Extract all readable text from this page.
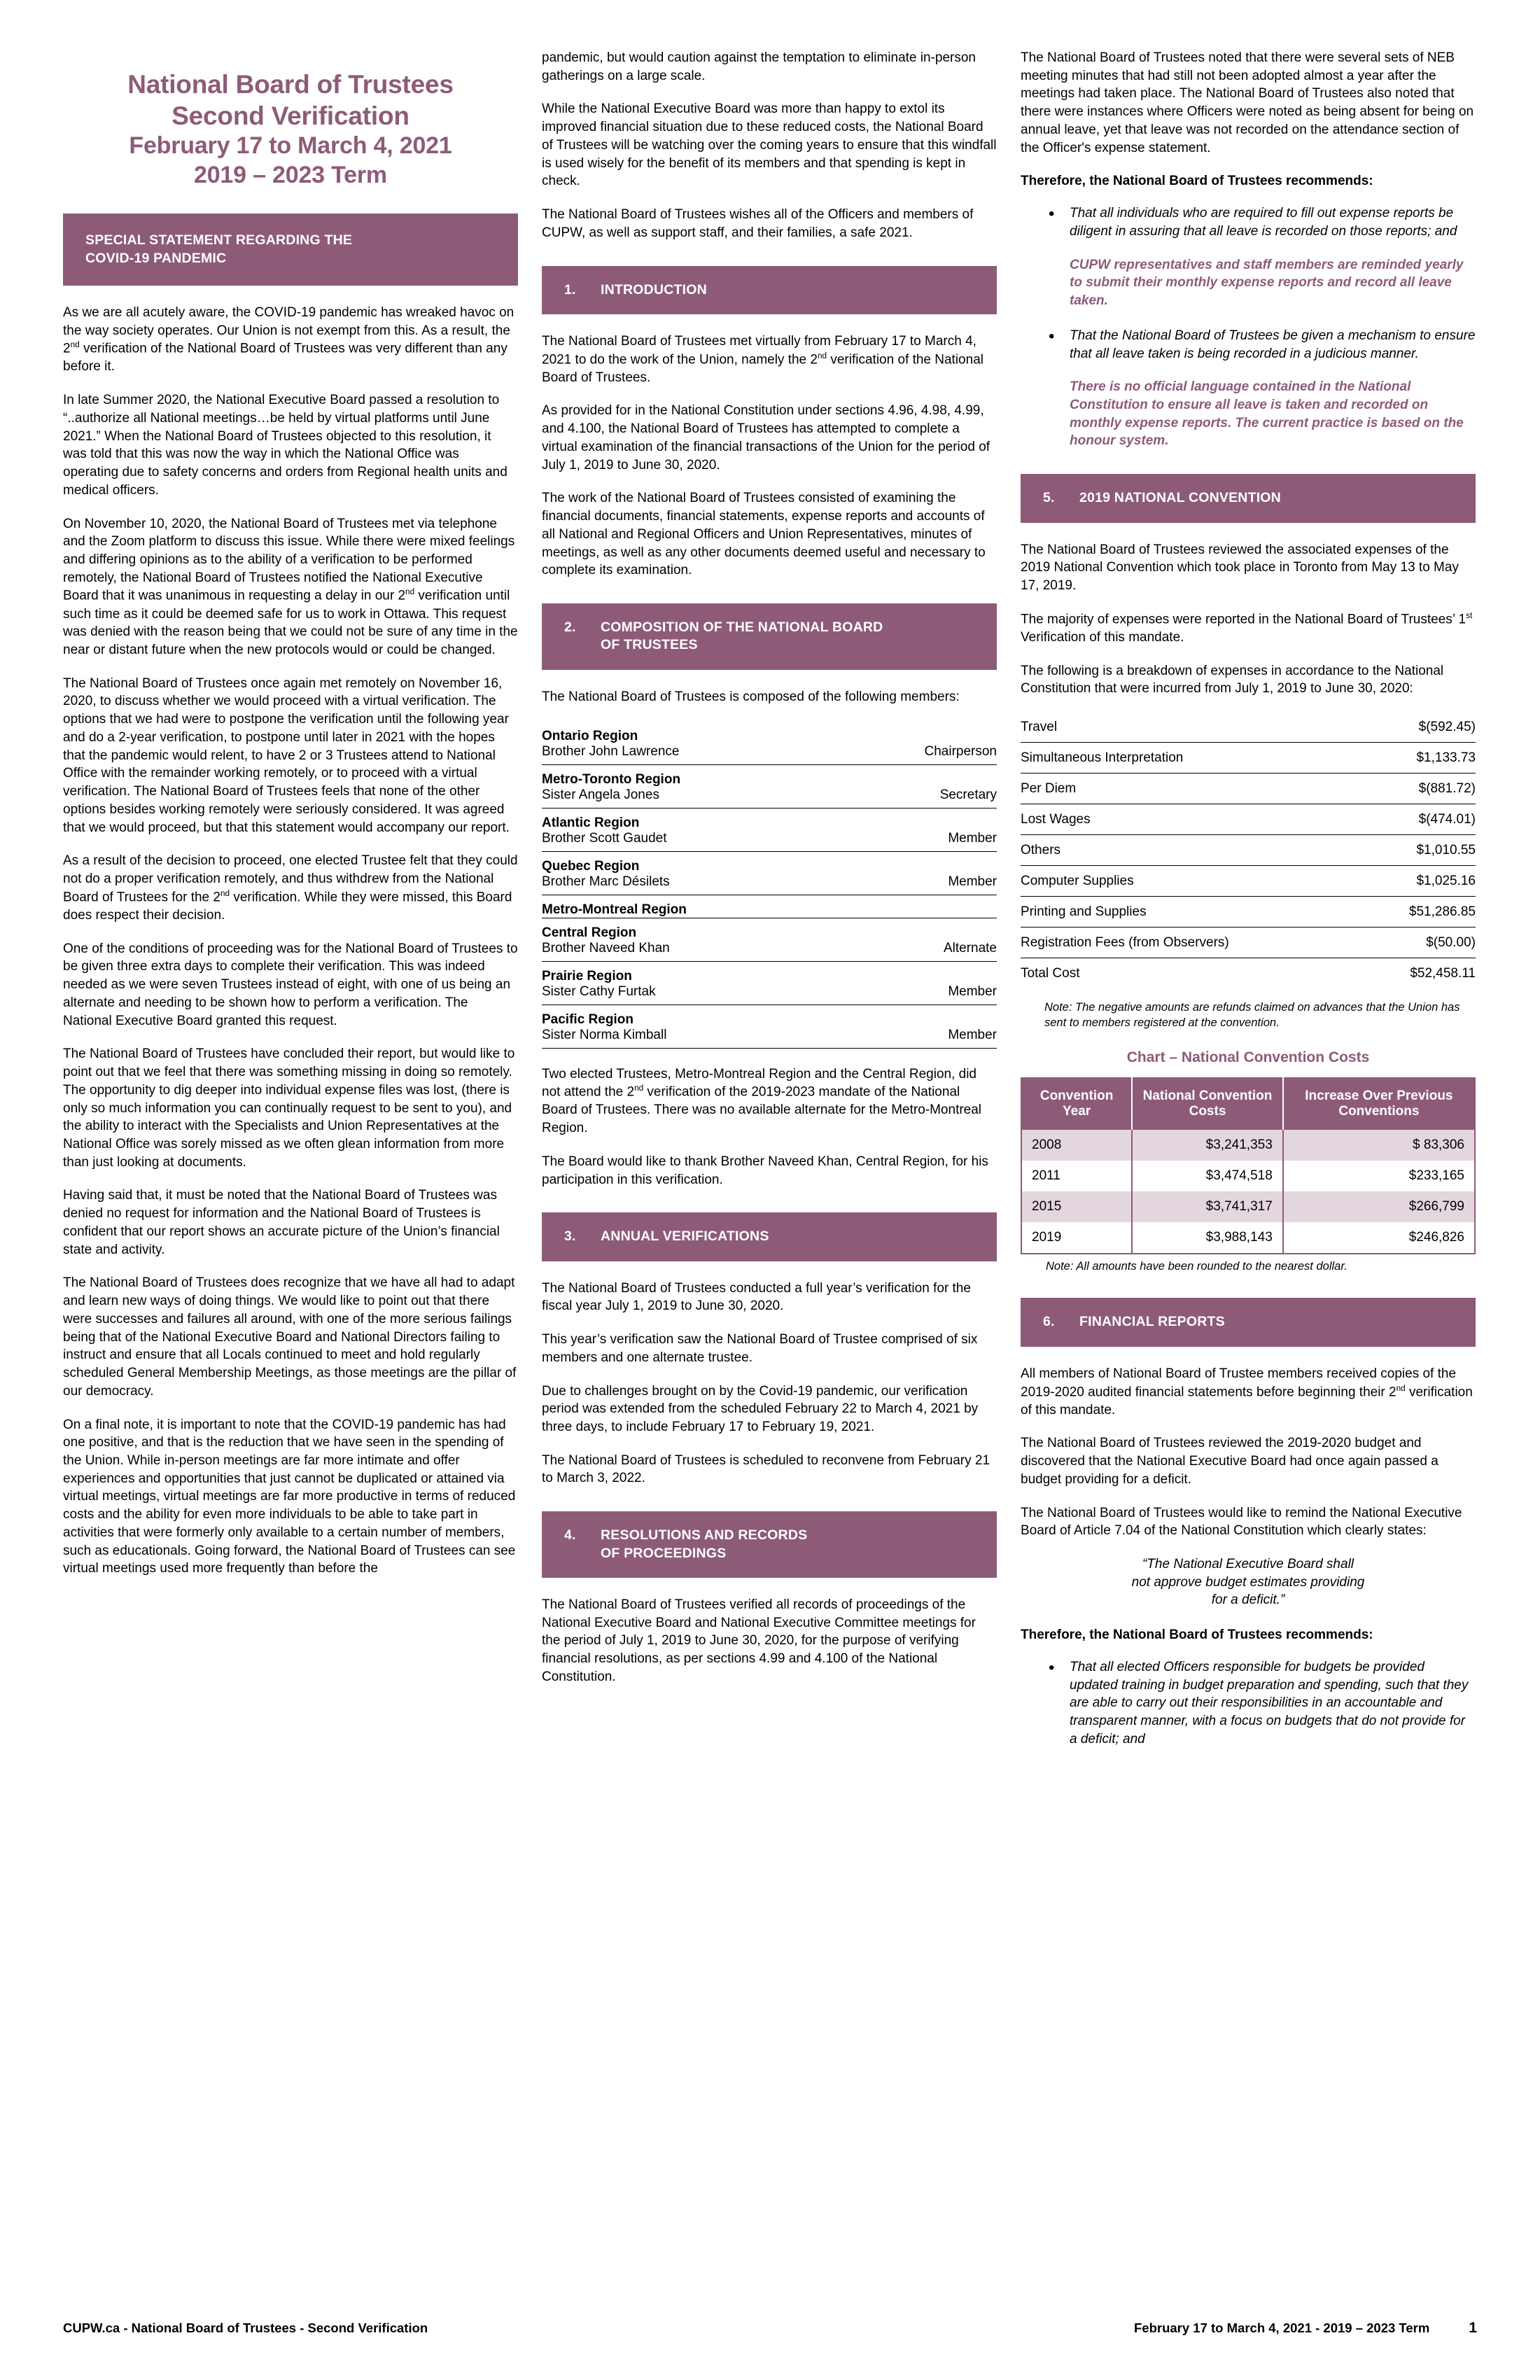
National Board of Trustees
Second Verification
February 17 to March 4, 2021
2019 – 2023 Term
SPECIAL STATEMENT REGARDING THE
COVID-19 PANDEMIC

As we are all acutely aware, the COVID-19 pandemic has wreaked havoc on the way society operates. Our Union is not exempt from this. As a result, the 2nd verification of the National Board of Trustees was very different than any before it.

In late Summer 2020, the National Executive Board passed a resolution to “..authorize all National meetings…be held by virtual platforms until June 2021.” When the National Board of Trustees objected to this resolution, it was told that this was now the way in which the National Office was operating due to safety concerns and orders from Regional health units and medical officers.

On November 10, 2020, the National Board of Trustees met via telephone and the Zoom platform to discuss this issue. While there were mixed feelings and differing opinions as to the ability of a verification to be performed remotely, the National Board of Trustees notified the National Executive Board that it was unanimous in requesting a delay in our 2nd verification until such time as it could be deemed safe for us to work in Ottawa. This request was denied with the reason being that we could not be sure of any time in the near or distant future when the new protocols would or could be changed.

The National Board of Trustees once again met remotely on November 16, 2020, to discuss whether we would proceed with a virtual verification. The options that we had were to postpone the verification until the following year and do a 2-year verification, to postpone until later in 2021 with the hopes that the pandemic would relent, to have 2 or 3 Trustees attend to National Office with the remainder working remotely, or to proceed with a virtual verification. The National Board of Trustees feels that none of the other options besides working remotely were seriously considered. It was agreed that we would proceed, but that this statement would accompany our report.

As a result of the decision to proceed, one elected Trustee felt that they could not do a proper verification remotely, and thus withdrew from the National Board of Trustees for the 2nd verification. While they were missed, this Board does respect their decision.

One of the conditions of proceeding was for the National Board of Trustees to be given three extra days to complete their verification. This was indeed needed as we were seven Trustees instead of eight, with one of us being an alternate and needing to be shown how to perform a verification. The National Executive Board granted this request.

The National Board of Trustees have concluded their report, but would like to point out that we feel that there was something missing in doing so remotely. The opportunity to dig deeper into individual expense files was lost, (there is only so much information you can continually request to be sent to you), and the ability to interact with the Specialists and Union Representatives at the National Office was sorely missed as we often glean information from more than just looking at documents.

Having said that, it must be noted that the National Board of Trustees was denied no request for information and the National Board of Trustees is confident that our report shows an accurate picture of the Union’s financial state and activity.

The National Board of Trustees does recognize that we have all had to adapt and learn new ways of doing things. We would like to point out that there were successes and failures all around, with one of the more serious failings being that of the National Executive Board and National Directors failing to instruct and ensure that all Locals continued to meet and hold regularly scheduled General Membership Meetings, as those meetings are the pillar of our democracy.

On a final note, it is important to note that the COVID-19 pandemic has had one positive, and that is the reduction that we have seen in the spending of the Union. While in-person meetings are far more intimate and offer experiences and opportunities that just cannot be duplicated or attained via virtual meetings, virtual meetings are far more productive in terms of reduced costs and the ability for even more individuals to be able to take part in activities that were formerly only available to a certain number of members, such as educationals. Going forward, the National Board of Trustees can see virtual meetings used more frequently than before the

pandemic, but would caution against the temptation to eliminate in-person gatherings on a large scale.

While the National Executive Board was more than happy to extol its improved financial situation due to these reduced costs, the National Board of Trustees will be watching over the coming years to ensure that this windfall is used wisely for the benefit of its members and that spending is kept in check.

The National Board of Trustees wishes all of the Officers and members of CUPW, as well as support staff, and their families, a safe 2021.

1.	INTRODUCTION

The National Board of Trustees met virtually from February 17 to March 4, 2021 to do the work of the Union, namely the 2nd verification of the National Board of Trustees.

As provided for in the National Constitution under sections 4.96, 4.98, 4.99, and 4.100, the National Board of Trustees has attempted to complete a virtual examination of the financial transactions of the Union for the period of July 1, 2019 to June 30, 2020.

The work of the National Board of Trustees consisted of examining the financial documents, financial statements, expense reports and accounts of all National and Regional Officers and Union Representatives, minutes of meetings, as well as any other documents deemed useful and necessary to complete its examination.

2.	COMPOSITION OF THE NATIONAL BOARD
OF TRUSTEES

The National Board of Trustees is composed of the following members:

Ontario Region	
Brother John Lawrence	Chairperson
Metro-Toronto Region	
Sister Angela Jones	Secretary
Atlantic Region	
Brother Scott Gaudet	Member
Quebec Region	
Brother Marc Désilets	Member
Metro-Montreal Region	
Central Region	
Brother Naveed Khan	Alternate
Prairie Region	
Sister Cathy Furtak	Member
Pacific Region	
Sister Norma Kimball	Member

Two elected Trustees, Metro-Montreal Region and the Central Region, did not attend the 2nd verification of the 2019-2023 mandate of the National Board of Trustees. There was no available alternate for the Metro-Montreal Region.

The Board would like to thank Brother Naveed Khan, Central Region, for his participation in this verification.

3.	ANNUAL VERIFICATIONS

The National Board of Trustees conducted a full year’s verification for the fiscal year July 1, 2019 to June 30, 2020.

This year’s verification saw the National Board of Trustee comprised of six members and one alternate trustee.

Due to challenges brought on by the Covid-19 pandemic, our verification period was extended from the scheduled February 22 to March 4, 2021 by three days, to include February 17 to February 19, 2021.

The National Board of Trustees is scheduled to reconvene from February 21 to March 3, 2022.

4.	RESOLUTIONS AND RECORDS
OF PROCEEDINGS

The National Board of Trustees verified all records of proceedings of the National Executive Board and National Executive Committee meetings for the period of July 1, 2019 to June 30, 2020, for the purpose of verifying financial resolutions, as per sections 4.99 and 4.100 of the National Constitution.

The National Board of Trustees noted that there were several sets of NEB meeting minutes that had still not been adopted almost a year after the meetings had taken place. The National Board of Trustees also noted that there were instances where Officers were noted as being absent for being on annual leave, yet that leave was not recorded on the attendance section of the Officer's expense statement.

Therefore, the National Board of Trustees recommends:

• That all individuals who are required to fill out expense reports be diligent in assuring that all leave is recorded on those reports; and

CUPW representatives and staff members are reminded yearly to submit their monthly expense reports and record all leave taken.

• That the National Board of Trustees be given a mechanism to ensure that all leave taken is being recorded in a judicious manner.

There is no official language contained in the National Constitution to ensure all leave is taken and recorded on monthly expense reports. The current practice is based on the honour system.

5.	2019 NATIONAL CONVENTION

The National Board of Trustees reviewed the associated expenses of the 2019 National Convention which took place in Toronto from May 13 to May 17, 2019.

The majority of expenses were reported in the National Board of Trustees’ 1st Verification of this mandate.

The following is a breakdown of expenses in accordance to the National Constitution that were incurred from July 1, 2019 to June 30, 2020:

Travel	$(592.45)
Simultaneous Interpretation	$1,133.73
Per Diem	$(881.72)
Lost Wages	$(474.01)
Others	$1,010.55
Computer Supplies	$1,025.16
Printing and Supplies	$51,286.85
Registration Fees (from Observers)	$(50.00)
Total Cost	$52,458.11

Note: The negative amounts are refunds claimed on advances that the Union has sent to members registered at the convention.

Chart – National Convention Costs
Convention Year	National Convention Costs	Increase Over Previous Conventions
2008	$3,241,353	$ 83,306
2011	$3,474,518	$233,165
2015	$3,741,317	$266,799
2019	$3,988,143	$246,826

Note: All amounts have been rounded to the nearest dollar.

6.	FINANCIAL REPORTS

All members of National Board of Trustee members received copies of the 2019-2020 audited financial statements before beginning their 2nd verification of this mandate.

The National Board of Trustees reviewed the 2019-2020 budget and discovered that the National Executive Board had once again passed a budget providing for a deficit.

The National Board of Trustees would like to remind the National Executive Board of Article 7.04 of the National Constitution which clearly states:

“The National Executive Board shall
not approve budget estimates providing
for a deficit.”

Therefore, the National Board of Trustees recommends:

• That all elected Officers responsible for budgets be provided updated training in budget preparation and spending, such that they are able to carry out their responsibilities in an accountable and transparent manner, with a focus on budgets that do not provide for a deficit; and
CUPW.ca - National Board of Trustees - Second Verification	February 17 to March 4, 2021 - 2019 – 2023 Term	1
